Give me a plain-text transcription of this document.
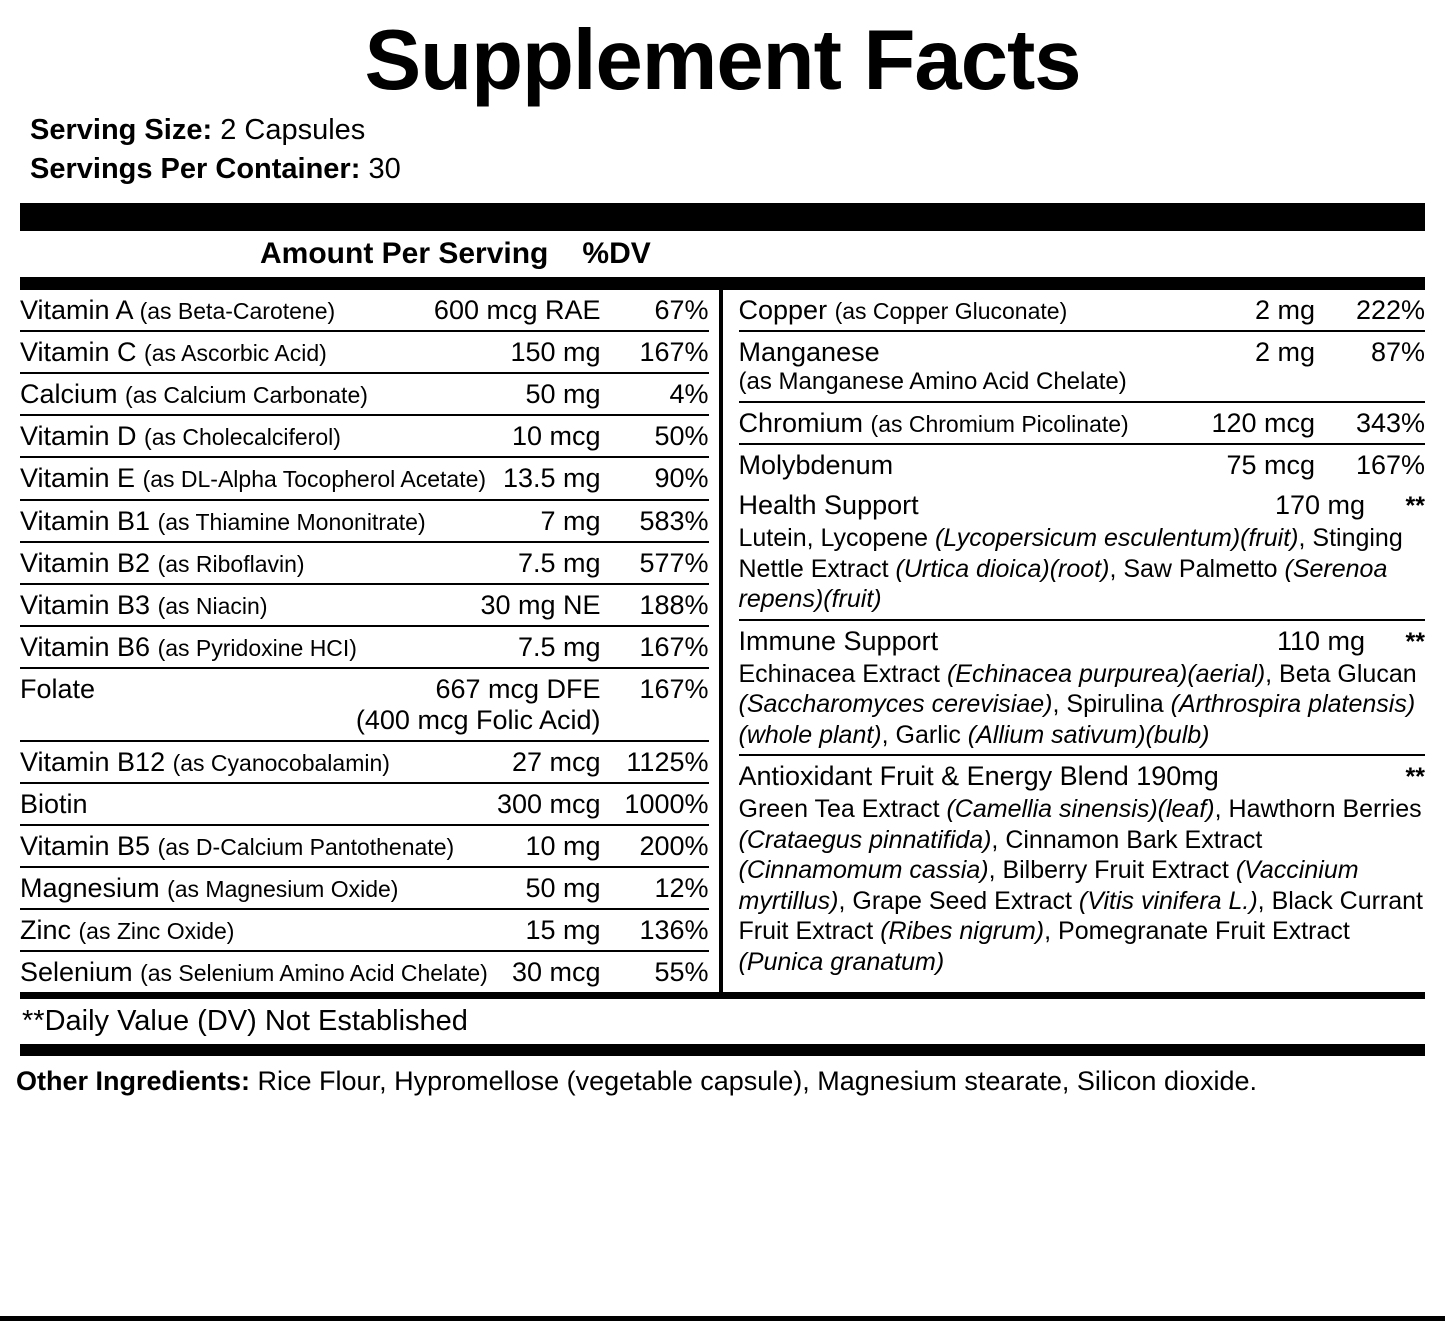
Supplement Facts
Serving Size: 2 Capsules
Servings Per Container: 30
Amount Per Serving %DV
Vitamin A (as Beta-Carotene)	600 mcg RAE	67%
Vitamin C (as Ascorbic Acid)	150 mg	167%
Calcium (as Calcium Carbonate)	50 mg	4%
Vitamin D (as Cholecalciferol)	10 mcg	50%
Vitamin E (as DL-Alpha Tocopherol Acetate) 13.5 mg	90%
Vitamin B1 (as Thiamine Mononitrate)	7 mg	583%
Vitamin B2 (as Riboflavin)	7.5 mg	577%
Vitamin B3 (as Niacin)	30 mg NE	188%
Vitamin B6 (as Pyridoxine HCI)	7.5 mg	167%
Folate	667 mcg DFE	167%
(400 mcg Folic Acid)
Vitamin B12 (as Cyanocobalamin)	27 mcg 1125%
Biotin	300 mcg 1000%
Vitamin B5 (as D-Calcium Pantothenate)	10 mg	200%
Magnesium (as Magnesium Oxide)	50 mg	12%
Zinc (as Zinc Oxide)	15 mg	136%
Selenium (as Selenium Amino Acid Chelate) 30 mcg	55%
Copper (as Copper Gluconate)	2 mg	222%
Manganese	2 mg	87%
(as Manganese Amino Acid Chelate)
Chromium (as Chromium Picolinate)	120 mcg	343%
Molybdenum	75 mcg	167%
Health Support	170 mg	**
Lutein, Lycopene (Lycopersicum esculentum)(fruit), Stinging Nettle Extract (Urtica dioica)(root), Saw Palmetto (Serenoa repens)(fruit)
Immune Support	110 mg	**
Echinacea Extract (Echinacea purpurea)(aerial), Beta Glucan (Saccharomyces cerevisiae), Spirulina (Arthrospira platensis)(whole plant), Garlic (Allium sativum)(bulb)
Antioxidant Fruit & Energy Blend 190mg	**
Green Tea Extract (Camellia sinensis)(leaf), Hawthorn Berries (Crataegus pinnatifida), Cinnamon Bark Extract (Cinnamomum cassia), Bilberry Fruit Extract (Vaccinium myrtillus), Grape Seed Extract (Vitis vinifera L.), Black Currant Fruit Extract (Ribes nigrum), Pomegranate Fruit Extract (Punica granatum)
**Daily Value (DV) Not Established
Other Ingredients: Rice Flour, Hypromellose (vegetable capsule), Magnesium stearate, Silicon dioxide.
